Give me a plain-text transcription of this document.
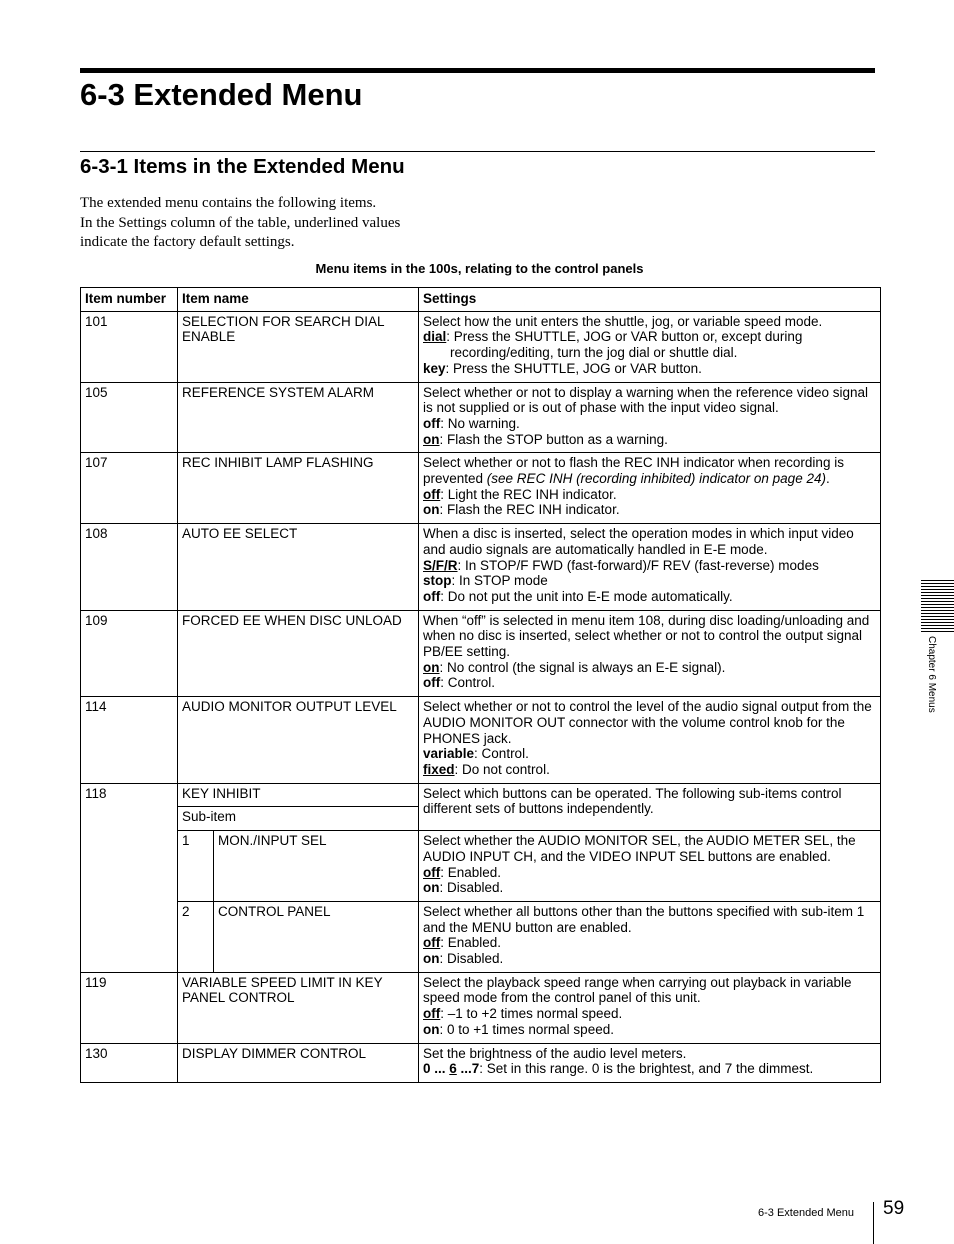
6-3 Extended Menu
6-3-1 Items in the Extended Menu
The extended menu contains the following items.
In the Settings column of the table, underlined values
indicate the factory default settings.
Menu items in the 100s, relating to the control panels
Item number	Item name		Settings
101	SELECTION FOR SEARCH DIAL ENABLE		Select how the unit enters the shuttle, jog, or variable speed mode.
dial: Press the SHUTTLE, JOG or VAR button or, except during
recording/editing, turn the jog dial or shuttle dial.
key: Press the SHUTTLE, JOG or VAR button.

105	REFERENCE SYSTEM ALARM		Select whether or not to display a warning when the reference video signal is not supplied or is out of phase with the input video signal.
off: No warning.
on: Flash the STOP button as a warning.

107	REC INHIBIT LAMP FLASHING		Select whether or not to flash the REC INH indicator when recording is prevented (see REC INH (recording inhibited) indicator on page 24).
off: Light the REC INH indicator.
on: Flash the REC INH indicator.

108	AUTO EE SELECT		When a disc is inserted, select the operation modes in which input video and audio signals are automatically handled in E-E mode.
S/F/R: In STOP/F FWD (fast-forward)/F REV (fast-reverse) modes
stop: In STOP mode
off: Do not put the unit into E-E mode automatically.

109	FORCED EE WHEN DISC UNLOAD		When “off” is selected in menu item 108, during disc loading/unloading and when no disc is inserted, select whether or not to control the output signal PB/EE setting.
on: No control (the signal is always an E-E signal).
off: Control.

114	AUDIO MONITOR OUTPUT LEVEL		Select whether or not to control the level of the audio signal output from the AUDIO MONITOR OUT connector with the volume control knob for the PHONES jack.
variable: Control.
fixed: Do not control.

118	KEY INHIBIT		Select which buttons can be operated. The following sub-items control different sets of buttons independently.

	Sub-item		
	1	MON./INPUT SEL	Select whether the AUDIO MONITOR SEL, the AUDIO METER SEL, the AUDIO INPUT CH, and the VIDEO INPUT SEL buttons are enabled.
off: Enabled.
on: Disabled.

	2	CONTROL PANEL	Select whether all buttons other than the buttons specified with sub-item 1 and the MENU button are enabled.
off: Enabled.
on: Disabled.

119	VARIABLE SPEED LIMIT IN KEY PANEL CONTROL		Select the playback speed range when carrying out playback in variable speed mode from the control panel of this unit.
off: –1 to +2 times normal speed.
on: 0 to +1 times normal speed.

130	DISPLAY DIMMER CONTROL		Set the brightness of the audio level meters.
0 ... 6 ...7: Set in this range. 0 is the brightest, and 7 the dimmest.
Chapter 6 Menus
6-3 Extended Menu 59
